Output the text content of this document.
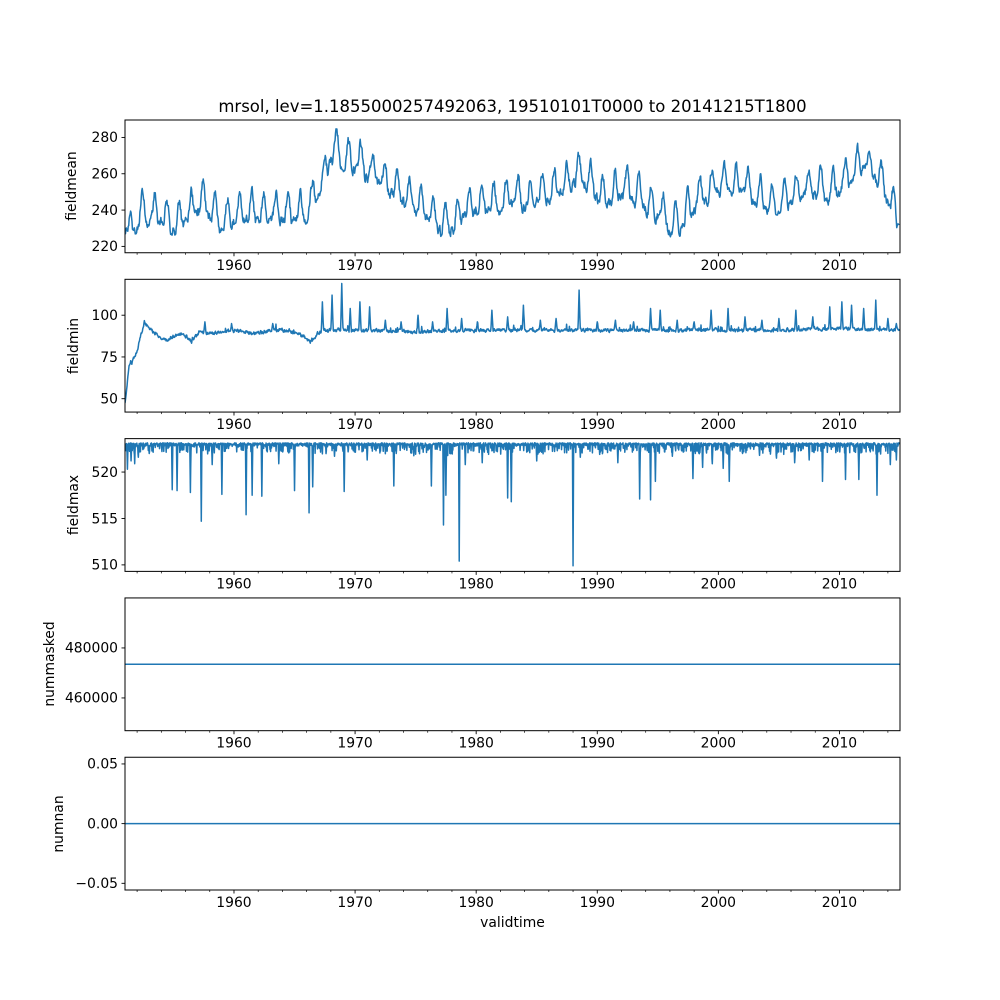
1960	1970	1980	1990	2000	2010
220
240
260
280
1960	1970	1980	1990	2000	2010
50
75
100
1960	1970	1980	1990	2000	2010
510
515
520
1960	1970	1980	1990	2000	2010
460000
480000
1960	1970	1980	1990	2000	2010
−0.05
0.00
0.05
mrsol, lev=1.1855000257492063, 19510101T0000 to 20141215T1800
fieldmean
fieldmin
fieldmax
nummasked
numnan
validtime
